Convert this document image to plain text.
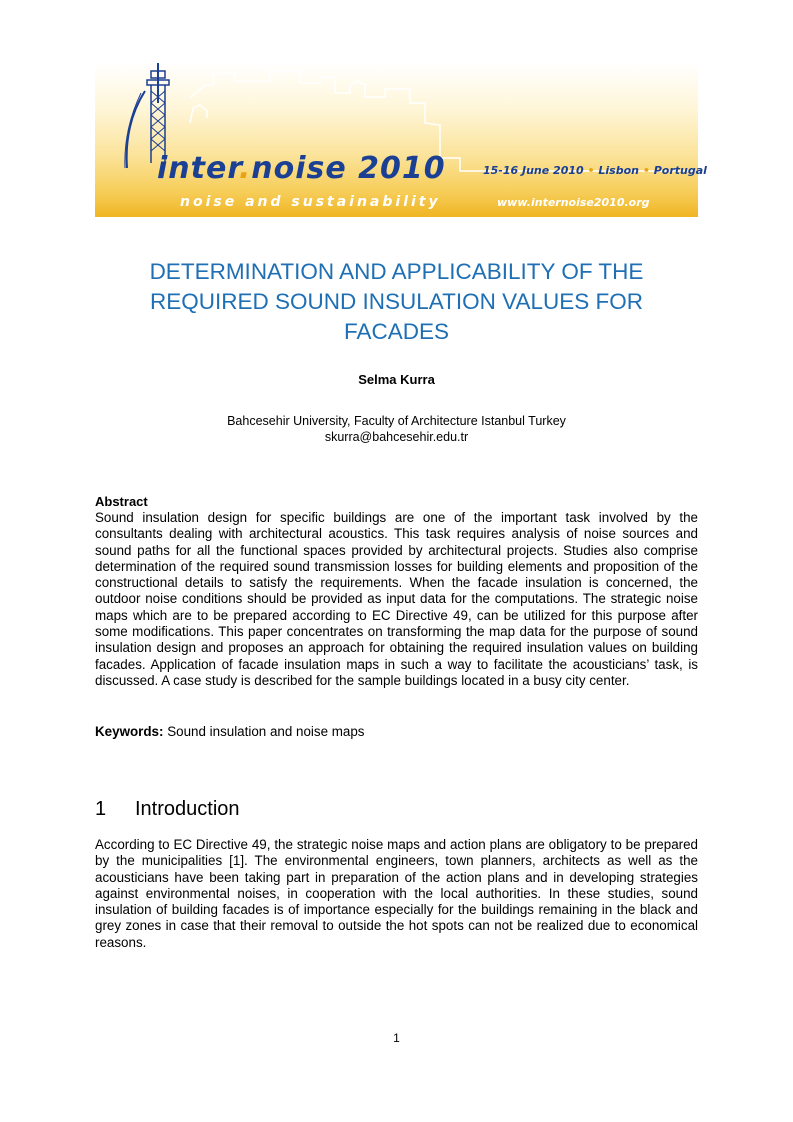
inter.noise 2010
noise and sustainability
15-16 June 2010 • Lisbon • Portugal
www.internoise2010.org
DETERMINATION AND APPLICABILITY OF THE REQUIRED SOUND INSULATION VALUES FOR FACADES
Selma Kurra
Bahcesehir University, Faculty of Architecture Istanbul Turkey
skurra@bahcesehir.edu.tr
Abstract

Sound insulation design for specific buildings are one of the important task involved by the consultants dealing with architectural acoustics. This task requires analysis of noise sources and sound paths for all the functional spaces provided by architectural projects. Studies also comprise determination of the required sound transmission losses for building elements and proposition of the constructional details to satisfy the requirements. When the facade insulation is concerned, the outdoor noise conditions should be provided as input data for the computations. The strategic noise maps which are to be prepared according to EC Directive 49, can be utilized for this purpose after some modifications. This paper concentrates on transforming the map data for the purpose of sound insulation design and proposes an approach for obtaining the required insulation values on building facades. Application of facade insulation maps in such a way to facilitate the acousticians’ task, is discussed. A case study is described for the sample buildings located in a busy city center.

Keywords: Sound insulation and noise maps
1 Introduction

According to EC Directive 49, the strategic noise maps and action plans are obligatory to be prepared by the municipalities [1]. The environmental engineers, town planners, architects as well as the acousticians have been taking part in preparation of the action plans and in developing strategies against environmental noises, in cooperation with the local authorities. In these studies, sound insulation of building facades is of importance especially for the buildings remaining in the black and grey zones in case that their removal to outside the hot spots can not be realized due to economical reasons.

1
